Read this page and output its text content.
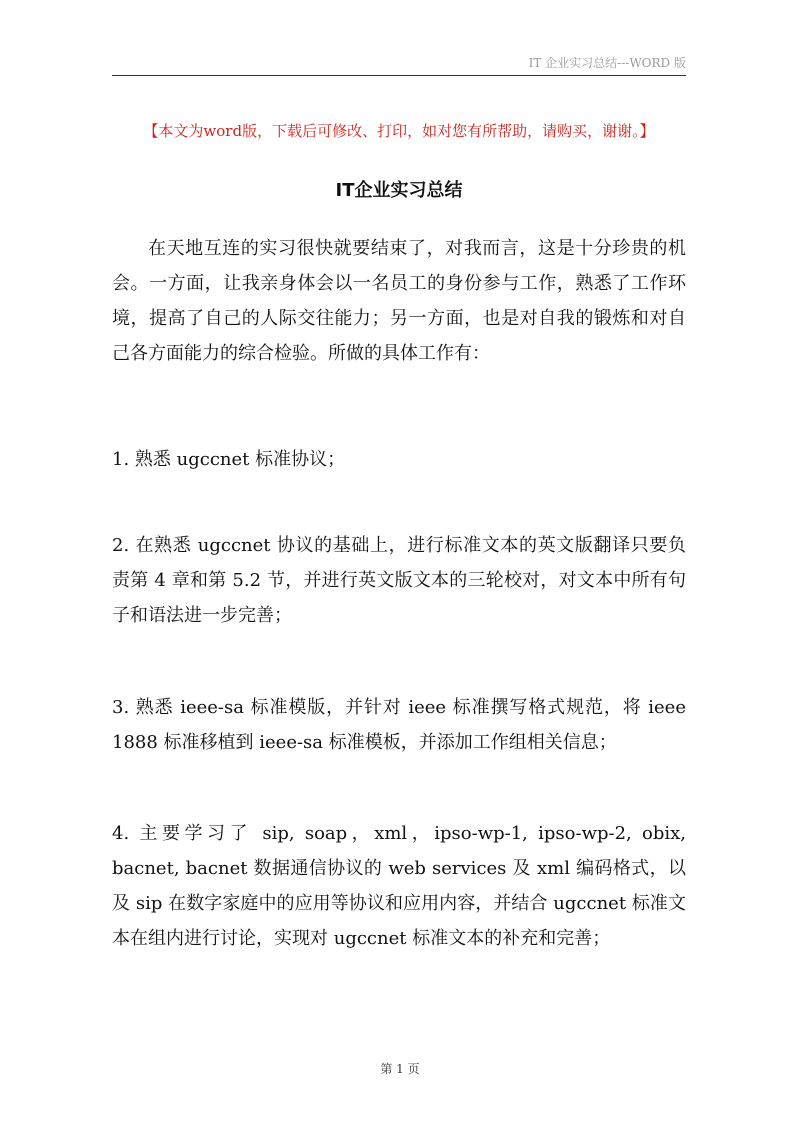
IT 企业实习总结---WORD 版
【本文为word版，下载后可修改、打印，如对您有所帮助，请购买，谢谢。】
IT企业实习总结
在天地互连的实习很快就要结束了，对我而言，这是十分珍贵的机会。一方面，让我亲身体会以一名员工的身份参与工作，熟悉了工作环境，提高了自己的人际交往能力；另一方面，也是对自我的锻炼和对自己各方面能力的综合检验。所做的具体工作有：
1. 熟悉 ugccnet 标准协议；
2. 在熟悉 ugccnet 协议的基础上，进行标准文本的英文版翻译只要负责第 4 章和第 5.2 节，并进行英文版文本的三轮校对，对文本中所有句子和语法进一步完善；
3. 熟悉 ieee-sa 标准模版，并针对 ieee 标准撰写格式规范，将 ieee 1888 标准移植到 ieee-sa 标准模板，并添加工作组相关信息；
4. 主要学习了 sip, soap，xml，ipso-wp-1, ipso-wp-2, obix, bacnet, bacnet 数据通信协议的 web services 及 xml 编码格式，以及 sip 在数字家庭中的应用等协议和应用内容，并结合 ugccnet 标准文本在组内进行讨论，实现对 ugccnet 标准文本的补充和完善；
第 1 页
